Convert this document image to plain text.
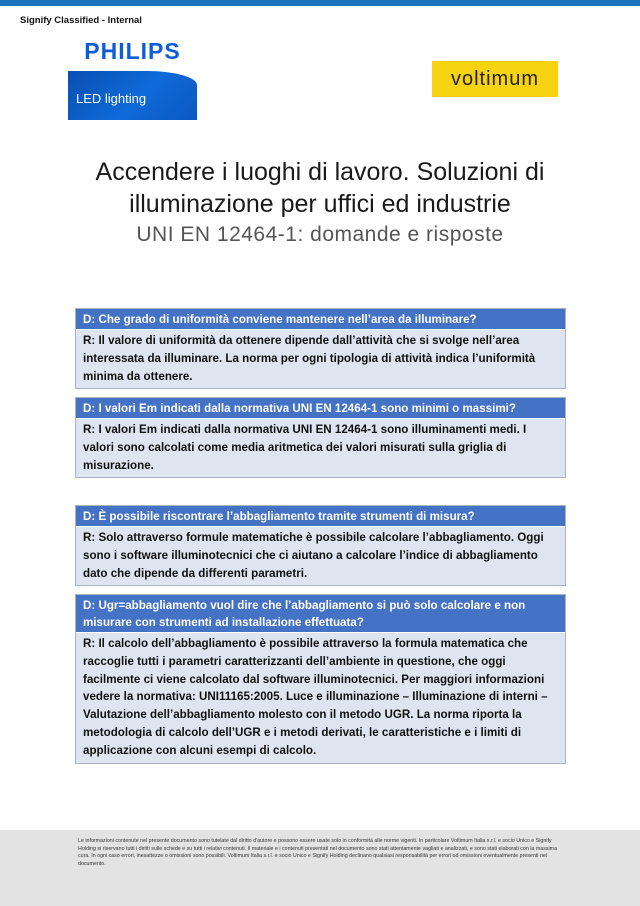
Signify Classified - Internal
PHILIPS
LED lighting
voltimum
Accendere i luoghi di lavoro. Soluzioni di
illuminazione per uffici ed industrie
UNI EN 12464-1: domande e risposte
D: Che grado di uniformità conviene mantenere nell’area da illuminare?
R: Il valore di uniformità da ottenere dipende dall’attività che si svolge nell’area interessata da illuminare. La norma per ogni tipologia di attività indica l’uniformità minima da ottenere.
D: I valori Em indicati dalla normativa UNI EN 12464-1 sono minimi o massimi?
R: I valori Em indicati dalla normativa UNI EN 12464-1 sono illuminamenti medi. I valori sono calcolati come media aritmetica dei valori misurati sulla griglia di misurazione.
D: È possibile riscontrare l’abbagliamento tramite strumenti di misura?
R: Solo attraverso formule matematiche è possibile calcolare l’abbagliamento. Oggi sono i software illuminotecnici che ci aiutano a calcolare l’indice di abbagliamento dato che dipende da differenti parametri.
D: Ugr=abbagliamento vuol dire che l’abbagliamento si può solo calcolare e non misurare con strumenti ad installazione effettuata?
R: Il calcolo dell’abbagliamento è possibile attraverso la formula matematica che raccoglie tutti i parametri caratterizzanti dell’ambiente in questione, che oggi facilmente ci viene calcolato dal software illuminotecnici. Per maggiori informazioni vedere la normativa: UNI11165:2005. Luce e illuminazione – Illuminazione di interni – Valutazione dell’abbagliamento molesto con il metodo UGR. La norma riporta la metodologia di calcolo dell’UGR e i metodi derivati, le caratteristiche e i limiti di applicazione con alcuni esempi di calcolo.
Le informazioni contenute nel presente documento sono tutelate dal diritto d'autore e possono essere usate solo in conformità alle norme vigenti. In particolare Voltimum Italia s.r.l. e socio Unico e Signify Holding si riservano tutti i diritti sulle schede e su tutti i relativi contenuti. Il materiale e i contenuti presentati nel documento sono stati attentamente vagliati e analizzati, e sono stati elaborati con la massima cura. In ogni caso errori, inesattezze o omissioni sono possibili. Voltimum Italia s.r.l. e socio Unico e Signify Holding declinano qualsiasi responsabilità per errori od omissioni eventualmente presenti nel documento.
